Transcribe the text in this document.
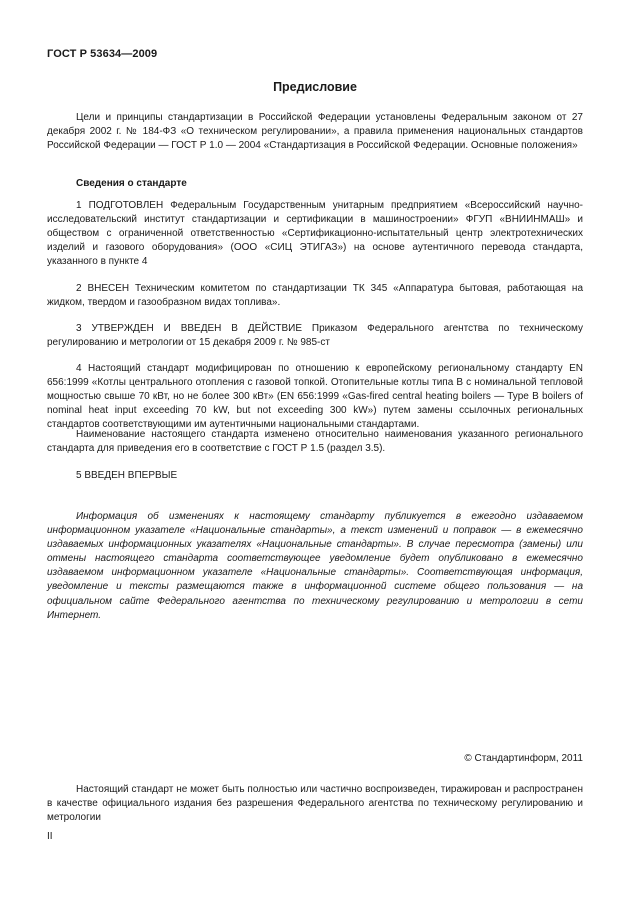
ГОСТ Р 53634—2009
Предисловие
Цели и принципы стандартизации в Российской Федерации установлены Федеральным законом от 27 декабря 2002 г. № 184-ФЗ «О техническом регулировании», а правила применения национальных стандартов Российской Федерации — ГОСТ Р 1.0 — 2004 «Стандартизация в Российской Федерации. Основные положения»
Сведения о стандарте
1 ПОДГОТОВЛЕН Федеральным Государственным унитарным предприятием «Всероссийский научно-исследовательский институт стандартизации и сертификации в машиностроении» ФГУП «ВНИИНМАШ» и обществом с ограниченной ответственностью «Сертификационно-испытательный центр электротехнических изделий и газового оборудования» (ООО «СИЦ ЭТИГАЗ») на основе аутентичного перевода стандарта, указанного в пункте 4
2 ВНЕСЕН Техническим комитетом по стандартизации ТК 345 «Аппаратура бытовая, работающая на жидком, твердом и газообразном видах топлива».
3 УТВЕРЖДЕН И ВВЕДЕН В ДЕЙСТВИЕ Приказом Федерального агентства по техническому регулированию и метрологии от 15 декабря 2009 г. № 985-ст
4 Настоящий стандарт модифицирован по отношению к европейскому региональному стандарту EN 656:1999 «Котлы центрального отопления с газовой топкой. Отопительные котлы типа B с номинальной тепловой мощностью свыше 70 кВт, но не более 300 кВт» (EN 656:1999 «Gas-fired central heating boilers — Type B boilers of nominal heat input exceeding 70 kW, but not exceeding 300 kW») путем замены ссылочных региональных стандартов соответствующими им аутентичными национальными стандартами.
Наименование настоящего стандарта изменено относительно наименования указанного регионального стандарта для приведения его в соответствие с ГОСТ Р 1.5 (раздел 3.5).
5 ВВЕДЕН ВПЕРВЫЕ
Информация об изменениях к настоящему стандарту публикуется в ежегодно издаваемом информационном указателе «Национальные стандарты», а текст изменений и поправок — в ежемесячно издаваемых информационных указателях «Национальные стандарты». В случае пересмотра (замены) или отмены настоящего стандарта соответствующее уведомление будет опубликовано в ежемесячно издаваемом информационном указателе «Национальные стандарты». Соответствующая информация, уведомление и тексты размещаются также в информационной системе общего пользования — на официальном сайте Федерального агентства по техническому регулированию и метрологии в сети Интернет.
© Стандартинформ, 2011
Настоящий стандарт не может быть полностью или частично воспроизведен, тиражирован и распространен в качестве официального издания без разрешения Федерального агентства по техническому регулированию и метрологии
II
